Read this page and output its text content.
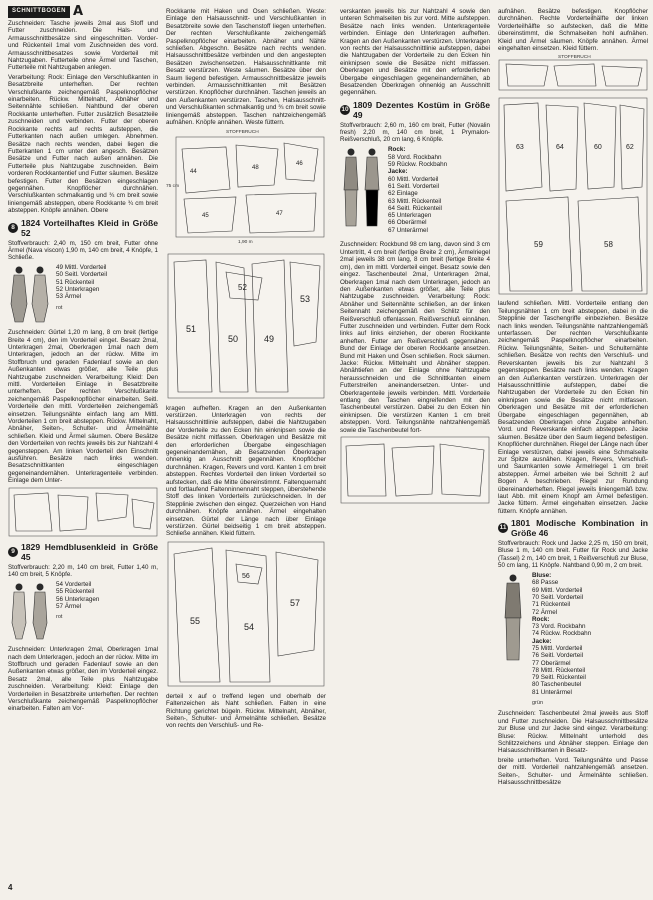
SCHNITTBOGEN A

Zuschneiden: Tasche jeweils 2mal aus Stoff und Futter zuschneiden. Die Hals- und Armausschnittbesätze sind eingeschnitten. Vorder- und Rückenteil 1mal vom Zuschneiden des vord. Armausschnittbesatzes sowie Vorderteil mit Nahtzugaben. Futterteile ohne Ärmel und Taschen, Futterteile mit Nahtzugaben anlegen.

Verarbeitung: Rock: Einlage den Verschlußkanten in Besatzbreite unterheften. Der rechten Verschlußkante zeichengemäß Paspelknopflöcher einarbeiten. Rückw. Mittelnaht, Abnäher und Seitennähte schließen. Nahtbund der oberen Rockkante unterheften. Futter zusätzlich Besatzteile zuschneiden und verbinden. Futter der oberen Rockkante rechts auf rechts aufsteppen, die Futterkanten nach außen umlegen. Abnehmen. Besätze nach rechts wenden, dabei liegen die Futterkanten 1 cm unter den angesch. Besätzen Besätze und Futter nach außen annähen. Die Futterteile plus Nahtzugabe zuschneiden. Beim vorderen Rockkantentief und Futter säumen. Besätze befestigen. Futter den Besätzen eingeschlagen gegennähen. Knopflöcher durchnähen. Verschlußkanten schmalkantig und ¾ cm breit sowie liniengemäß absteppen, obere Rockkante ¾ cm breit absteppen. Knöpfe annähen. Obere

8 1824 Vorteilhaftes Kleid in Größe 52

Stoffverbrauch: 2,40 m, 150 cm breit, Futter ohne Ärmel (Nava viscon) 1,90 m, 140 cm breit, 4 Knöpfe, 1 Schließe.

49 Mittl. Vorderteil
50 Seitl. Vorderteil
51 Rückenteil
52 Unterkragen
53 Ärmel
rot

Zuschneiden: Gürtel 1,20 m lang, 8 cm breit (fertige Breite 4 cm), den im Vorderteil einget. Besatz 2mal, Unterkragen 2mal, Oberkragen 1mal nach dem Unterkragen, jedoch an der rückw. Mitte im Stoffbruch und geraden Fadenlauf sowie an den Außenkanten etwas größer, alle Teile plus Nahtzugabe zuschneiden. Verarbeitung: Kleid: Den mittl. Vorderteilen Einlage in Besatzbreite unterheften. Der rechten Verschlußkante zeichengemäß Paspelknopflöcher einarbeiten. Seitl. Vorderteile den mittl. Vorderteilen zeichengemäß einsetzen. Teilungsnähte einfach lang am Mittl. Vorderteilen 1 cm breit absteppen. Rückw. Mittelnaht, Abnäher, Seiten-, Schulter- und Ärmelnähte schließen. Kleid und Ärmel säumen. Obere Besätze den Vorderteilen von rechts jeweils bis zur Nahtzahl 4 gegensteppen. Am linken Vorderteil den Einschnitt ausführen. Besätze nach links wenden. Besatzschnittkanten eingeschlagen gegeneinandernähen. Unterkragenteile verbinden. Einlage dem Unter-

9 1829 Hemdblusenkleid in Größe 45

Stoffverbrauch: 2,20 m, 140 cm breit, Futter 1,40 m, 140 cm breit, 5 Knöpfe.

54 Vorderteil
55 Rückenteil
56 Unterkragen
57 Ärmel
rot

Zuschneiden: Unterkragen 2mal, Oberkragen 1mal nach dem Unterkragen, jedoch an der rückw. Mitte im Stoffbruch und geraden Fadenlauf sowie an den Außenkanten etwas größer, den im Vorderteil eingez. Besatz 2mal, alle Teile plus Nahtzugabe zuschneiden. Verarbeitung: Kleid: Einlage den Vorderteilen in Besatzbreite unterheften. Der rechten Verschlußkante zeichengemäß Paspelknopflöcher einarbeiten. Falten am Vor-

Rockkante mit Haken und Ösen schließen. Weste: Einlage den Halsausschnitt- und Verschlußkanten in Besatzbreite sowie den Taschenstoff liegen unterheften. Der rechten Verschlußkante zeichengemäß Paspelknopflöcher einarbeiten. Abnäher und Nähte schließen. Abgeschn. Besätze nach rechts wenden. Halsausschnittbesätze verbinden und den angestepten Besätzen zwischensetzen. Halsausschnittkante mit Besatz verstürzen. Weste säumen. Besätze über den Saum liegend befestigen. Armausschnittbesätze jeweils verbinden. Armausschnittkanten mit Besätzen verstürzen. Knopflöcher durchnähen. Taschen jeweils an den Außenkanten verstürzen. Taschen, Halsausschnitt- und Verschlußkanten schmalkantig und ¾ cm breit sowie liniengemäß absteppen. Taschen nahtzeichengemäß aufnähen. Knöpfe annähen. Weste füttern.

44
48
46
45	47
STOFFBRUCH
1,90 m
75 cm
51
50	49
53
52

kragen aufheften. Kragen an den Außenkanten verstürzen. Unterkragen von rechts der Halsausschnittlinie aufsteppen, dabei die Nahtzugaben der Vorderteile zu den Ecken hin einknipsen sowie die Besätze nicht mitfassen. Oberkragen und Besätze mit den erforderlichen Übergabe eingeschlagen gegeneinandernähen, ab Besatzenden Oberkragen ohnenkig an Ausschnitt gegennähen. Knopflöcher durchnähen. Kragen, Revers und vord. Kanten 1 cm breit absteppen. Rechtes Vorderteil den linken Vorderteil so aufstecken, daß die Mitte übereinstimmt. Faltenquernaht und fortlaufend Faltenninnennaht steppen, überstehende Stoff des linken Vorderteils zurückschneiden. In der Stepplinie zwischen den eingez. Querzeichen von Hand durchnähen. Knöpfe annähen. Ärmel eingehalten einsetzen. Gürtel der Länge nach über Einlage verstürzen. Gürtel beidseitig 1 cm breit absteppen. Schließe annähen. Kleid füttern.

55
54
57
56

derteil x auf o treffend legen und oberhalb der Faltenzeichen als Naht schließen. Falten in eine Richtung gerichtet bügeln. Rückw. Mittelnaht, Abnäher, Seiten-, Schulter- und Ärmelnähte schließen. Besätze von rechts den Verschluß- und Re-

verskanten jeweils bis zur Nahtzahl 4 sowie den unteren Schmalseiten bis zur vord. Mitte aufsteppen. Besätze nach links wenden. Unterkragenteile verbinden. Einlage den Unterkragen aufheften. Kragen an den Außenkanten verstürzen. Unterkragen von rechts der Halsausschnittlinie aufsteppen, dabei die Nahtzugaben der Vorderteile zu den Ecken hin einknipsen sowie die Besätze nicht mitfassen. Oberkragen und Besätze mit den erforderlichen Übergabe eingeschlagen gegeneinandernähen, ab Besatzenden Oberkragen ohnenkig an Ausschnitt gegennähen.

10 1809 Dezentes Kostüm in Größe 49

Stoffverbrauch: 2,60 m, 160 cm breit, Futter (Novalin fresh) 2,20 m, 140 cm breit, 1 Prymalon-Reißverschluß, 20 cm lang, 6 Knöpfe.

Rock:
58 Vord. Rockbahn
59 Rückw. Rockbahn
Jacke:
60 Mittl. Vorderteil
61 Seitl. Vorderteil
62 Einlage
63 Mittl. Rückenteil
64 Seitl. Rückenteil
65 Unterkragen
66 Oberärmel
67 Unterärmel

Zuschneiden: Rockbund 98 cm lang, davon sind 3 cm Untertritt, 4 cm breit (fertige Breite 2 cm), Ärmelriegel 2mal jeweils 38 cm lang, 8 cm breit (fertige Breite 4 cm), den im mittl. Vorderteil einget. Besatz sowie den eingez. Taschenbeutel 2mal, Unterkragen 2mal, Oberkragen 1mal nach dem Unterkragen, jedoch an den Außenkanten etwas größer, alle Teile plus Nahtzugabe zuschneiden. Verarbeitung: Rock: Abnäher und Seitennähte schließen, an der linken Seitennaht zeichengemäß den Schlitz für den Reißverschluß offenlassen. Reißverschluß einnähen. Futter zuschneiden und verbinden. Futter dem Rock links auf links einziehen, der oberen Rockkante anheften. Futter am Reißverschluß gegennähen. Bund der Einlage der oberen Rockkante ansetzen. Bund mit Haken und Ösen schließen. Rock säumen. Jacke: Rückw. Mittelnaht und Abnäher steppen. Abnähtiefen an der Einlage ohne Nahtzugabe herausschneiden und die Schnittkanten einem Futterstreifen aneinandersetzen. Unter- und Oberkragenteile jeweils verbinden. Mittl. Vorderteile entlang den Taschen eingreifenden mit den Taschenbeutel verstürzen. Dabei zu den Ecken hin einknipsen. Die verstürzen Kanten 1 cm breit absteppen. Vord. Teilungsnähte nahtzahlengemäß sowie die Taschenbeutel fort-

aufnähen. Besätze befestigen. Knopflöcher durchnähen. Rechte Vorderteilhälfte der linken Vorderteilhälfte so aufstecken, daß die Mitte übereinstimmt, die Schmalseiten hohl aufnähen. Kleid und Ärmel säumen. Knöpfe annähen. Ärmel eingehalten einsetzen. Kleid füttern.

STOFFBRUCH
63	64	60	62
59	58

laufend schließen. Mittl. Vorderteile entlang den Teilungsnähten 1 cm breit absteppen, dabei in die Stepplinie der Taschengriffe einbeziehen. Besätze nach links wenden. Teilungsnähte nahtzahlengemäß unterfassen. Der rechten Verschlußkante zeichengemäß Paspelknopflöcher einarbeiten. Rückw. Teilungsnähte, Seiten- und Schulternähte schließen. Besätze von rechts den Verschluß- und Reverskanten jeweils bis zur Nahtzahl 3 gegensteppen. Besätze nach links wenden. Kragen an den Außenkanten verstürzen. Unterkragen der Halsausschnittlinie aufsteppen, dabei die Nahtzugaben der Vorderteile zu den Ecken hin einknipsen sowie die Besätze nicht mitfassen. Oberkragen und Besätze mit der erforderlichen Übergabe eingeschlagen gegennähen, ab Besatzenden Oberkragen ohne Zugabe anheften. Vord. und Reverskante einfach absteppen. Jacke säumen. Besätze über den Saum liegend befestigen. Knopflöcher durchnähen. Riegel der Länge nach über Einlage verstürzen, dabei jeweils eine Schmalseite zur Spitze ausnähen. Kragen, Revers, Verschluß- und Saumkanten sowie Ärmelriegel 1 cm breit absteppen. Ärmel arbeiten wie bei Schnitt 2 auf Bogen A beschrieben. Riegel zur Rundung übereinanderheften. Riegel jeweils liniengemäß bzw. laut Abb. mit einem Knopf am Ärmel befestigen. Jacke füttern. Ärmel eingehalten einsetzen. Jacke füttern. Knöpfe annähen.

11 1801 Modische Kombination in Größe 46

Stoffverbrauch: Rock und Jacke 2,25 m, 150 cm breit, Bluse 1 m, 140 cm breit. Futter für Rock und Jacke (Tassel) 2 m, 140 cm breit, 1 Reißverschluß zur Bluse, 50 cm lang, 11 Knöpfe. Nahtband 0,90 m, 2 cm breit.

Bluse:
68 Passe
69 Mittl. Vorderteil
70 Seitl. Vorderteil
71 Rückenteil
72 Ärmel
Rock:
73 Vord. Rockbahn
74 Rückw. Rockbahn
Jacke:
75 Mittl. Vorderteil
76 Seitl. Vorderteil
77 Oberärmel
78 Mittl. Rückenteil
79 Seitl. Rückenteil
80 Taschenbeutel
81 Unterärmel
grün

Zuschneiden: Taschenbeutel 2mal jeweils aus Stoff und Futter zuschneiden. Die Halsausschnittbesätze zur Bluse und zur Jacke sind eingez. Verarbeitung: Bluse: Rückw. Mittelnaht unterhold des Schlitzzeichens und Abnäher steppen. Einlage den Halsausschnittkanten in Besatz-

breite unterheften. Vord. Teilungsnähte und Passe der mittl. Vorderteil nahtzahlengemäß ansetzen. Seiten-, Schulter- und Ärmelnähte schließen. Halsausschnittbesätze

4
